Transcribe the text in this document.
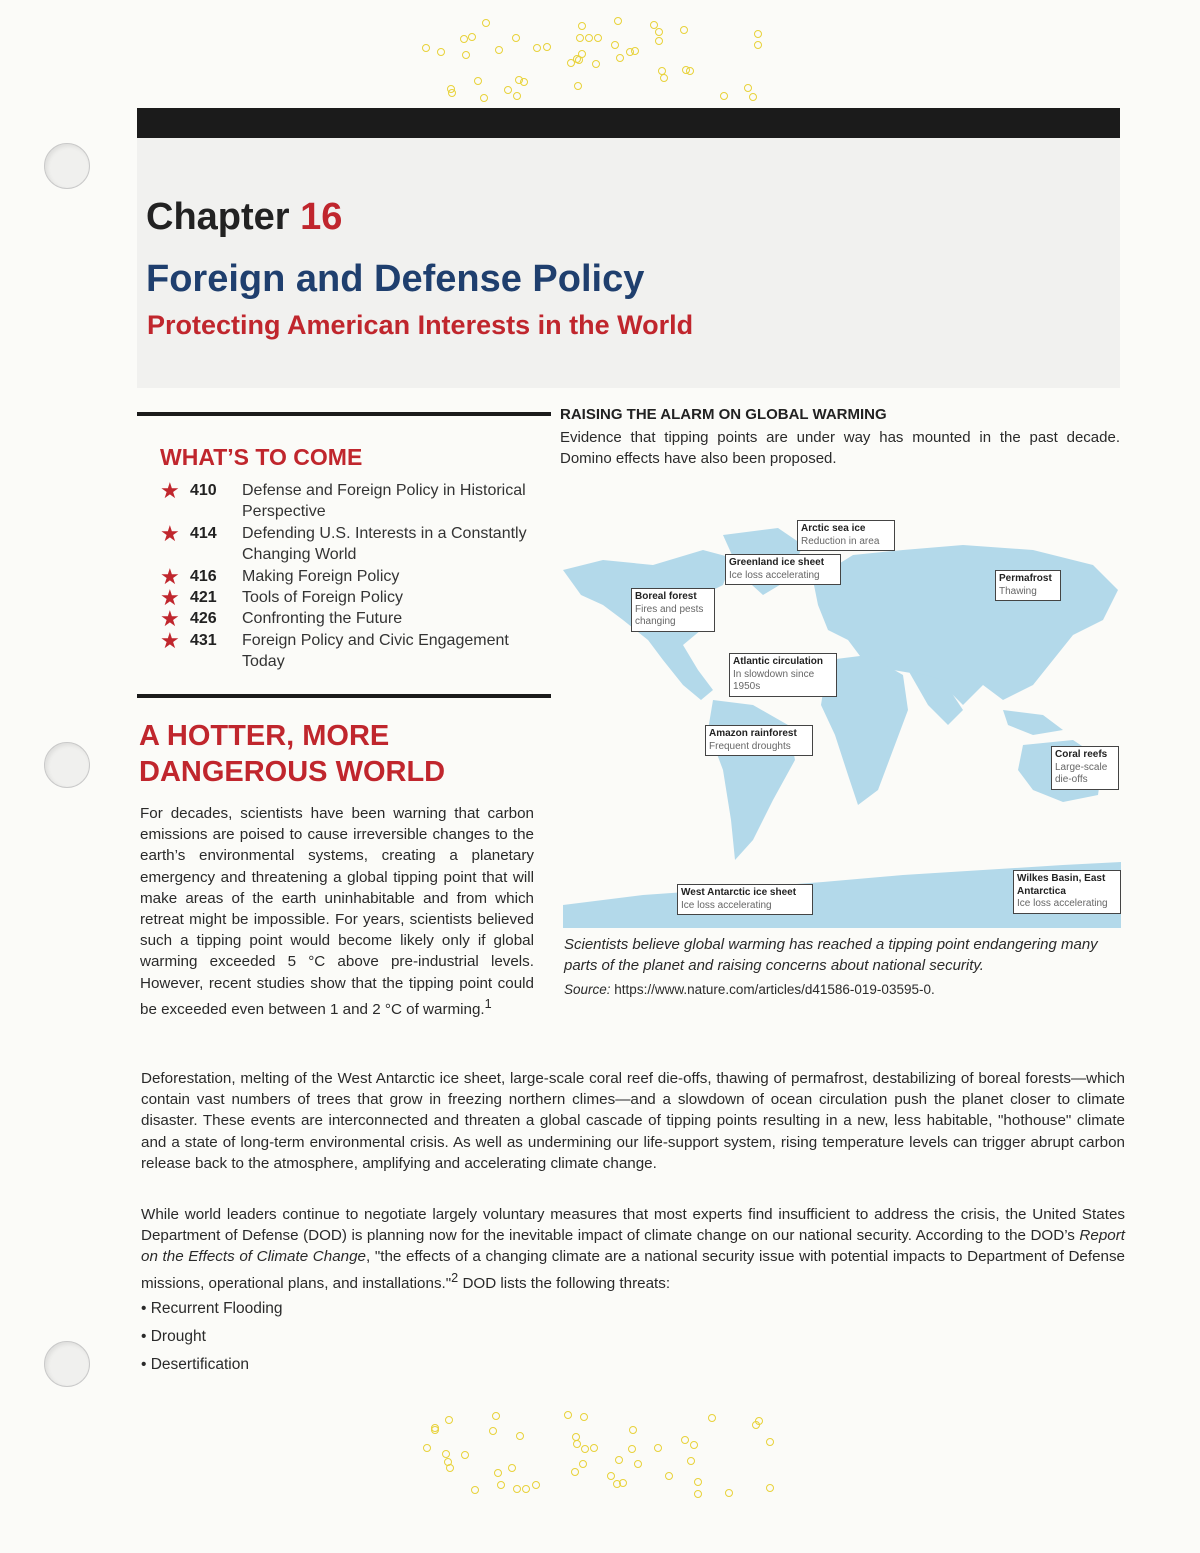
Chapter 16
Foreign and Defense Policy
Protecting American Interests in the World
WHAT’S TO COME
★ 410	Defense and Foreign Policy in Historical Perspective
★ 414	Defending U.S. Interests in a Constantly Changing World
★ 416	Making Foreign Policy
★ 421	Tools of Foreign Policy
★ 426	Confronting the Future
★ 431	Foreign Policy and Civic Engagement Today
A HOTTER, MORE
DANGEROUS WORLD
For decades, scientists have been warning that carbon emissions are poised to cause irreversible changes to the earth’s environmental systems, creating a planetary emergency and threatening a global tipping point that will make areas of the earth uninhabitable and from which retreat might be impossible. For years, scientists believed such a tipping point would become likely only if global warming exceeded 5 °C above pre-industrial levels. However, recent studies show that the tipping point could be exceeded even between 1 and 2 °C of warming.$^1$
RAISING THE ALARM ON GLOBAL WARMING
Evidence that tipping points are under way has mounted in the past decade. Domino effects have also been proposed.
Arctic sea ice
Reduction in area
Greenland ice sheet
Ice loss accelerating	Permafrost
Thawing
Boreal forest
Fires and pests changing
Atlantic circulation
In slowdown since 1950s
Amazon rainforest
Frequent droughts
Coral reefs
Large-scale die-offs
West Antarctic ice sheet
Ice loss accelerating
Wilkes Basin, East Antarctica
Ice loss accelerating
Scientists believe global warming has reached a tipping point endangering many parts of the planet and raising concerns about national security.
Source: https://www.nature.com/articles/d41586-019-03595-0.
Deforestation, melting of the West Antarctic ice sheet, large-scale coral reef die-offs, thawing of permafrost, destabilizing of boreal forests—which contain vast numbers of trees that grow in freezing northern climes—and a slowdown of ocean circulation push the planet closer to climate disaster. These events are interconnected and threaten a global cascade of tipping points resulting in a new, less habitable, "hothouse" climate and a state of long-term environmental crisis. As well as undermining our life-support system, rising temperature levels can trigger abrupt carbon release back to the atmosphere, amplifying and accelerating climate change.
While world leaders continue to negotiate largely voluntary measures that most experts find insufficient to address the crisis, the United States Department of Defense (DOD) is planning now for the inevitable impact of climate change on our national security. According to the DOD’s Report on the Effects of Climate Change, "the effects of a changing climate are a national security issue with potential impacts to Department of Defense missions, operational plans, and installations."$^2$ DOD lists the following threats:
• Recurrent Flooding
• Drought
• Desertification
